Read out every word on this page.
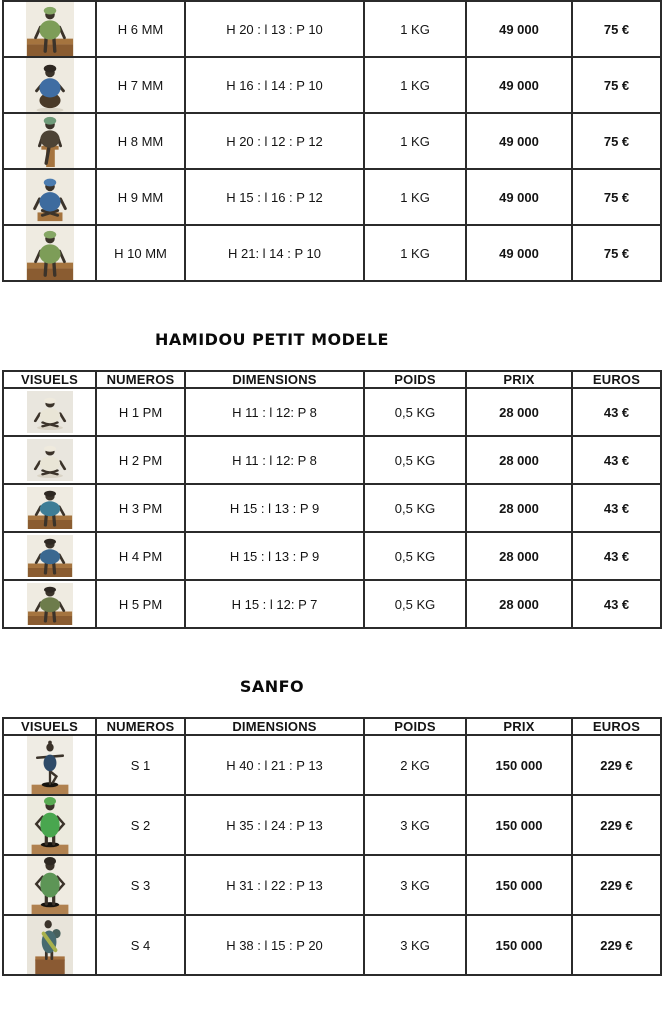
	H 6 MM	H 20 : l 13 : P 10	1 KG	49 000	75 €

	H 7 MM	H 16 : l 14 : P 10	1 KG	49 000	75 €

	H 8 MM	H 20 : l 12 : P 12	1 KG	49 000	75 €

	H 9 MM	H 15 : l 16 : P 12	1 KG	49 000	75 €

	H 10 MM	H 21: l 14 : P 10	1 KG	49 000	75 €
HAMIDOU PETIT MODELE
VISUELS	NUMEROS	DIMENSIONS	POIDS	PRIX	EUROS

	H 1 PM	H 11 : l 12: P 8	0,5 KG	28 000	43 €

	H 2 PM	H 11 : l 12: P 8	0,5 KG	28 000	43 €

	H 3 PM	H 15 : l 13 : P 9	0,5 KG	28 000	43 €

	H 4 PM	H 15 : l 13 : P 9	0,5 KG	28 000	43 €

	H 5 PM	H 15 : l 12: P 7	0,5 KG	28 000	43 €
SANFO
VISUELS	NUMEROS	DIMENSIONS	POIDS	PRIX	EUROS

	S 1	H 40 : l 21 : P 13	2 KG	150 000	229 €

	S 2	H 35 : l 24 : P 13	3 KG	150 000	229 €

	S 3	H 31 : l 22 : P 13	3 KG	150 000	229 €

	S 4	H 38 : l 15 : P 20	3 KG	150 000	229 €
